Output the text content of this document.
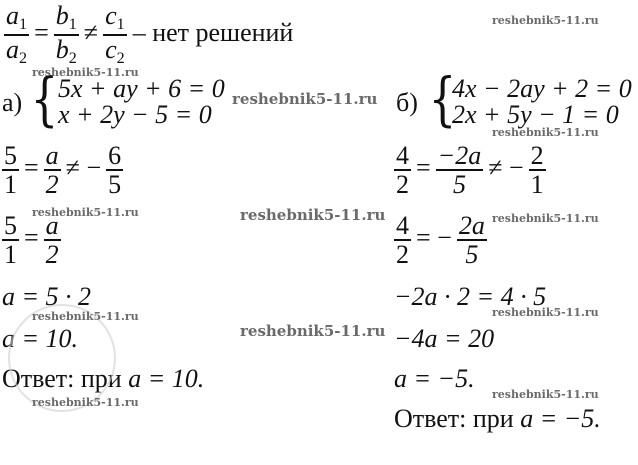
$\frac{a_1}{a_2} = \frac{b_1}{b_2} \ne \frac{c_1}{c_2}$ – нет решений
а) { 5x + ay + 6 = 0
x + 2y − 5 = 0
$\frac{5}{1} = \frac{a}{2}$ ≠ − $\frac{6}{5}$
$\frac{5}{1} = \frac{a}{2}$
a = 5 · 2
a = 10.
Ответ: при a = 10.
б) {
4x − 2ay + 2 = 0
2x + 5y − 1 = 0
$\frac{4}{2} = \frac{-2a}{5}$ ≠ − $\frac{2}{1}$
$\frac{4}{2}$ = − $\frac{2a}{5}$
−2a · 2 = 4 · 5
−4a = 20
a = −5.
Ответ: при a = −5.
reshebnik5-11.ru
reshebnik5-11.ru
reshebnik5-11.ru
reshebnik5-11.ru
reshebnik5-11.ru	reshebnik5-11.ru	reshebnik5-11.ru
reshebnik5-11.ru
reshebnik5-11.ru
reshebnik5-11.ru
reshebnik5-11.ru
reshebnik5-11.ru
